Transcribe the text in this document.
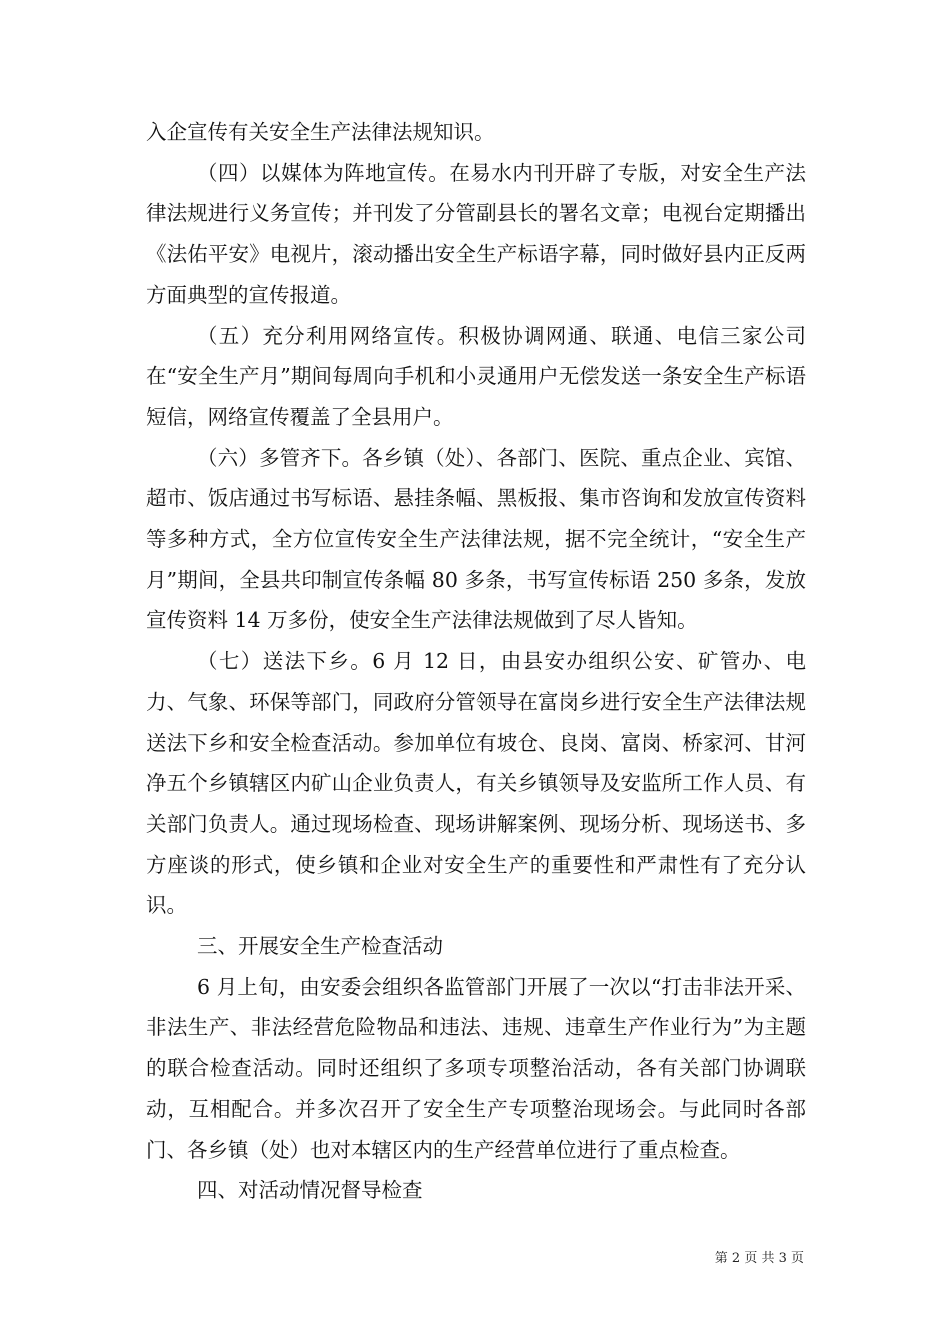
入企宣传有关安全生产法律法规知识。

（四）以媒体为阵地宣传。在易水内刊开辟了专版，对安全生产法律法规进行义务宣传；并刊发了分管副县长的署名文章；电视台定期播出《法佑平安》电视片，滚动播出安全生产标语字幕，同时做好县内正反两方面典型的宣传报道。

（五）充分利用网络宣传。积极协调网通、联通、电信三家公司在“安全生产月”期间每周向手机和小灵通用户无偿发送一条安全生产标语短信，网络宣传覆盖了全县用户。

（六）多管齐下。各乡镇（处）、各部门、医院、重点企业、宾馆、超市、饭店通过书写标语、悬挂条幅、黑板报、集市咨询和发放宣传资料等多种方式，全方位宣传安全生产法律法规，据不完全统计，“安全生产月”期间，全县共印制宣传条幅 80 多条，书写宣传标语 250 多条，发放宣传资料 14 万多份，使安全生产法律法规做到了尽人皆知。

（七）送法下乡。6 月 12 日，由县安办组织公安、矿管办、电力、气象、环保等部门，同政府分管领导在富岗乡进行安全生产法律法规送法下乡和安全检查活动。参加单位有坡仓、良岗、富岗、桥家河、甘河净五个乡镇辖区内矿山企业负责人，有关乡镇领导及安监所工作人员、有关部门负责人。通过现场检查、现场讲解案例、现场分析、现场送书、多方座谈的形式，使乡镇和企业对安全生产的重要性和严肃性有了充分认识。

三、开展安全生产检查活动

6 月上旬，由安委会组织各监管部门开展了一次以“打击非法开采、非法生产、非法经营危险物品和违法、违规、违章生产作业行为”为主题的联合检查活动。同时还组织了多项专项整治活动，各有关部门协调联动，互相配合。并多次召开了安全生产专项整治现场会。与此同时各部门、各乡镇（处）也对本辖区内的生产经营单位进行了重点检查。

四、对活动情况督导检查

第 2 页 共 3 页
